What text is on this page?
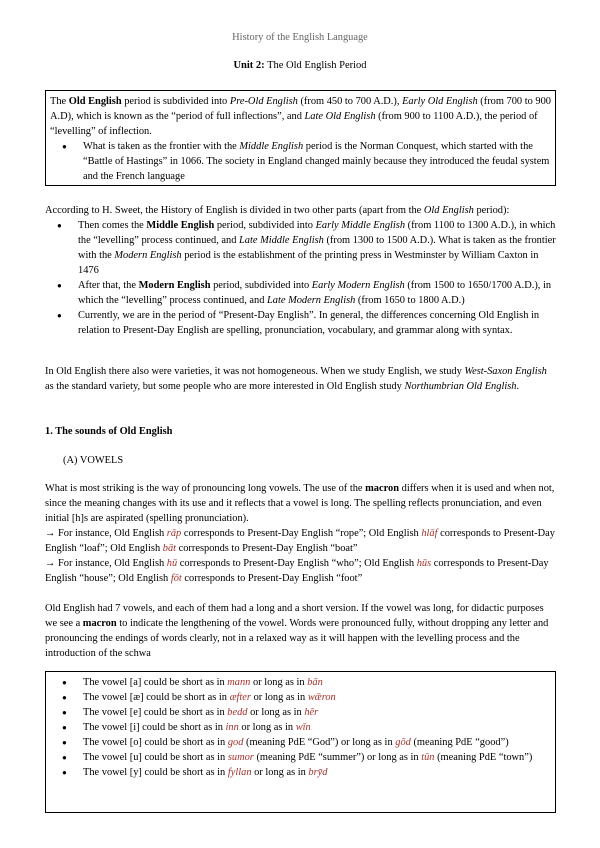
History of the English Language
Unit 2: The Old English Period

The Old English period is subdivided into Pre-Old English (from 450 to 700 A.D.), Early Old English (from 700 to 900 A.D), which is known as the “period of full inflections”, and Late Old English (from 900 to 1100 A.D.), the period of “levelling” of inflection.

● What is taken as the frontier with the Middle English period is the Norman Conquest, which started with the “Battle of Hastings” in 1066. The society in England changed mainly because they introduced the feudal system and the French language

According to H. Sweet, the History of English is divided in two other parts (apart from the Old English period):

● Then comes the Middle English period, subdivided into Early Middle English (from 1100 to 1300 A.D.), in which the “levelling” process continued, and Late Middle English (from 1300 to 1500 A.D.). What is taken as the frontier with the Modern English period is the establishment of the printing press in Westminster by William Caxton in 1476
● After that, the Modern English period, subdivided into Early Modern English (from 1500 to 1650/1700 A.D.), in which the “levelling” process continued, and Late Modern English (from 1650 to 1800 A.D.)
● Currently, we are in the period of “Present-Day English”. In general, the differences concerning Old English in relation to Present-Day English are spelling, pronunciation, vocabulary, and grammar along with syntax.

In Old English there also were varieties, it was not homogeneous. When we study English, we study West-Saxon English as the standard variety, but some people who are more interested in Old English study Northumbrian Old English.

1. The sounds of Old English
(A) VOWELS

What is most striking is the way of pronouncing long vowels. The use of the macron differs when it is used and when not, since the meaning changes with its use and it reflects that a vowel is long. The spelling reflects pronunciation, and even initial [h]s are aspirated (spelling pronunciation).

→ For instance, Old English rāp corresponds to Present-Day English “rope”; Old English hlāf corresponds to Present-Day English “loaf”; Old English bāt corresponds to Present-Day English “boat”

→ For instance, Old English hū corresponds to Present-Day English “who”; Old English hūs corresponds to Present-Day English “house”; Old English fōt corresponds to Present-Day English “foot”

Old English had 7 vowels, and each of them had a long and a short version. If the vowel was long, for didactic purposes we see a macron to indicate the lengthening of the vowel. Words were pronounced fully, without dropping any letter and pronouncing the endings of words clearly, not in a relaxed way as it will happen with the levelling process and the introduction of the schwa

● The vowel [a] could be short as in mann or long as in bān
● The vowel [æ] could be short as in æfter or long as in wǣron
● The vowel [e] could be short as in bedd or long as in hēr
● The vowel [i] could be short as in inn or long as in wīn
● The vowel [o] could be short as in god (meaning PdE “God”) or long as in gōd (meaning PdE “good”)
● The vowel [u] could be short as in sumor (meaning PdE “summer”) or long as in tūn (meaning PdE “town”)
● The vowel [y] could be short as in fyllan or long as in brȳd
